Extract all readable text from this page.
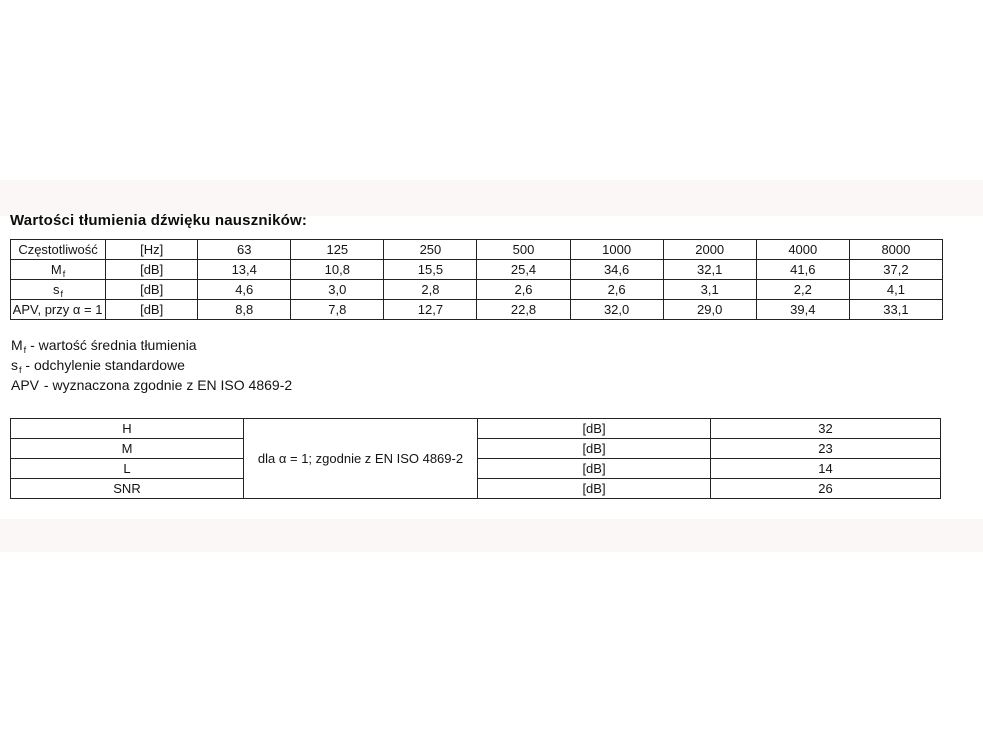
Wartości tłumienia dźwięku nauszników:
Częstotliwość	[Hz]	63	125	250	500	1000	2000	4000	8000
$M_f$	[dB]	13,4	10,8	15,5	25,4	34,6	32,1	41,6	37,2
$s_f$	[dB]	4,6	3,0	2,8	2,6	2,6	3,1	2,2	4,1
APV, przy α = 1	[dB]	8,8	7,8	12,7	22,8	32,0	29,0	39,4	33,1
$M_f$ - wartość średnia tłumienia
$s_f$ - odchylenie standardowe
APV - wyznaczona zgodnie z EN ISO 4869-2
H	dla α = 1; zgodnie z EN ISO 4869-2	[dB]	32
M		[dB]	23
L		[dB]	14
SNR		[dB]	26
